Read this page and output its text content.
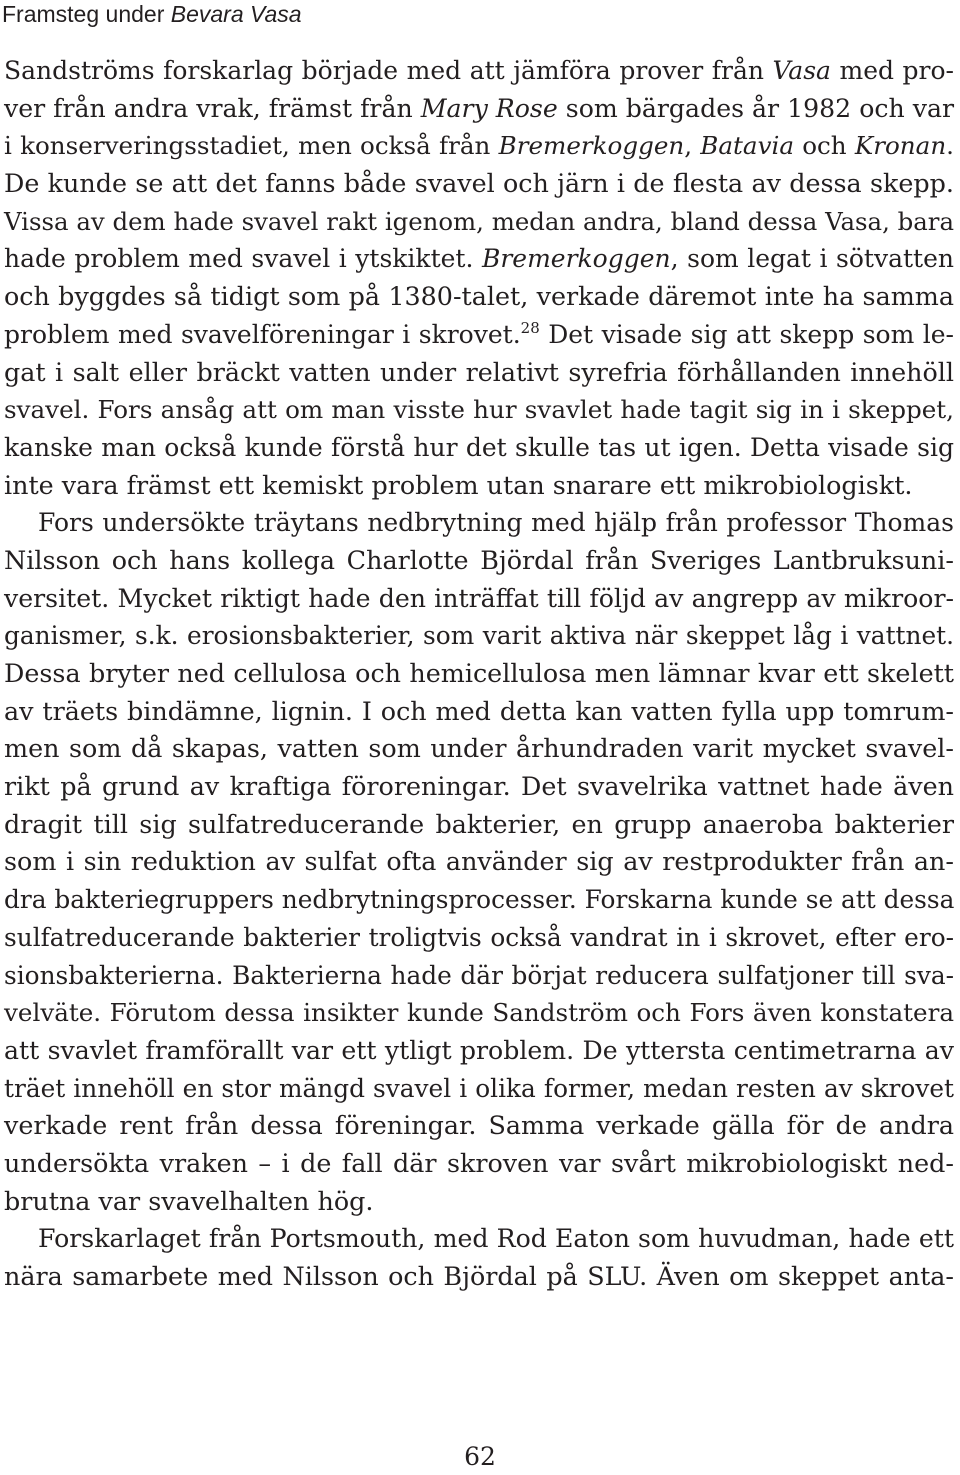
Framsteg under Bevara Vasa
Sandströms forskarlag började med att jämföra prover från Vasa med pro-
ver från andra vrak, främst från Mary Rose som bärgades år 1982 och var
i konserveringsstadiet, men också från Bremerkoggen, Batavia och Kronan.
De kunde se att det fanns både svavel och järn i de flesta av dessa skepp.
Vissa av dem hade svavel rakt igenom, medan andra, bland dessa Vasa, bara
hade problem med svavel i ytskiktet. Bremerkoggen, som legat i sötvatten
och byggdes så tidigt som på 1380-talet, verkade däremot inte ha samma
problem med svavelföreningar i skrovet.$^{28}$ Det visade sig att skepp som le-
gat i salt eller bräckt vatten under relativt syrefria förhållanden innehöll
svavel. Fors ansåg att om man visste hur svavlet hade tagit sig in i skeppet,
kanske man också kunde förstå hur det skulle tas ut igen. Detta visade sig
inte vara främst ett kemiskt problem utan snarare ett mikrobiologiskt.
Fors undersökte träytans nedbrytning med hjälp från professor Thomas
Nilsson och hans kollega Charlotte Björdal från Sveriges Lantbruksuni-
versitet. Mycket riktigt hade den inträffat till följd av angrepp av mikroor-
ganismer, s.k. erosionsbakterier, som varit aktiva när skeppet låg i vattnet.
Dessa bryter ned cellulosa och hemicellulosa men lämnar kvar ett skelett
av träets bindämne, lignin. I och med detta kan vatten fylla upp tomrum-
men som då skapas, vatten som under århundraden varit mycket svavel-
rikt på grund av kraftiga föroreningar. Det svavelrika vattnet hade även
dragit till sig sulfatreducerande bakterier, en grupp anaeroba bakterier
som i sin reduktion av sulfat ofta använder sig av restprodukter från an-
dra bakteriegruppers nedbrytningsprocesser. Forskarna kunde se att dessa
sulfatreducerande bakterier troligtvis också vandrat in i skrovet, efter ero-
sionsbakterierna. Bakterierna hade där börjat reducera sulfatjoner till sva-
velväte. Förutom dessa insikter kunde Sandström och Fors även konstatera
att svavlet framförallt var ett ytligt problem. De yttersta centimetrarna av
träet innehöll en stor mängd svavel i olika former, medan resten av skrovet
verkade rent från dessa föreningar. Samma verkade gälla för de andra
undersökta vraken – i de fall där skroven var svårt mikrobiologiskt ned-
brutna var svavelhalten hög.
Forskarlaget från Portsmouth, med Rod Eaton som huvudman, hade ett
nära samarbete med Nilsson och Björdal på SLU. Även om skeppet anta-
62
